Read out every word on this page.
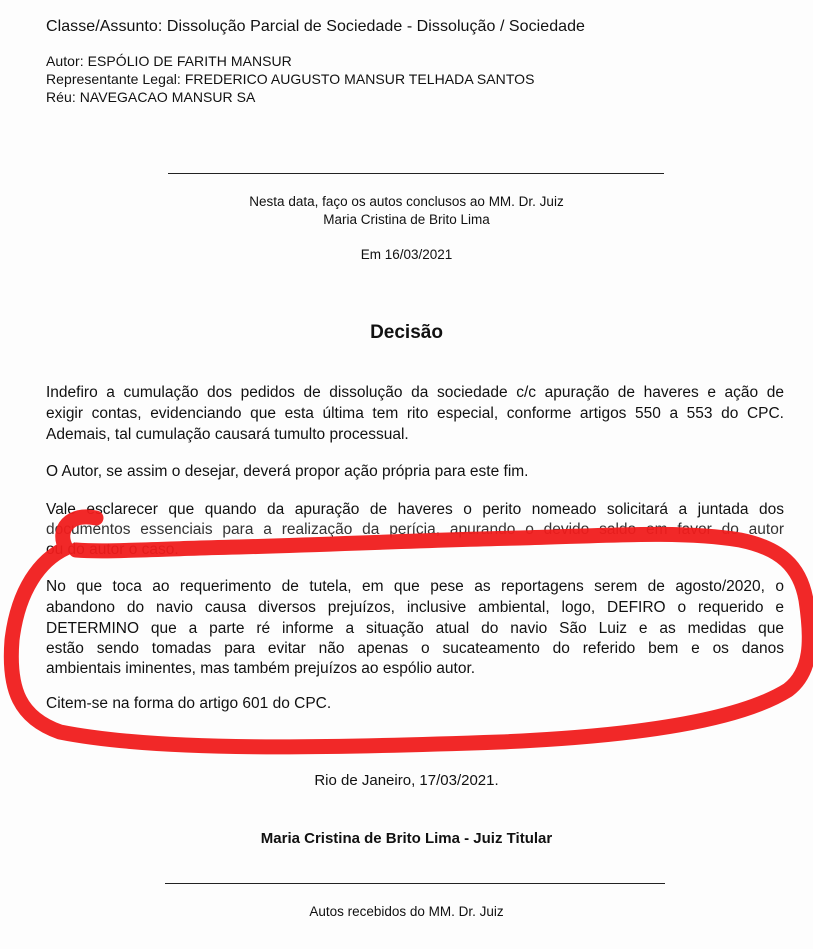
Classe/Assunto: Dissolução Parcial de Sociedade - Dissolução / Sociedade
Autor: ESPÓLIO DE FARITH MANSUR
Representante Legal: FREDERICO AUGUSTO MANSUR TELHADA SANTOS
Réu: NAVEGACAO MANSUR SA
Nesta data, faço os autos conclusos ao MM. Dr. Juiz
Maria Cristina de Brito Lima
Em 16/03/2021
Decisão
Indefiro a cumulação dos pedidos de dissolução da sociedade c/c apuração de haveres e ação de
exigir contas, evidenciando que esta última tem rito especial, conforme artigos 550 a 553 do CPC.
Ademais, tal cumulação causará tumulto processual.
O Autor, se assim o desejar, deverá propor ação própria para este fim.
Vale esclarecer que quando da apuração de haveres o perito nomeado solicitará a juntada dos
documentos essenciais para a realização da perícia, apurando o devido saldo em favor do autor
ou do autor o caso.
No que toca ao requerimento de tutela, em que pese as reportagens serem de agosto/2020, o
abandono do navio causa diversos prejuízos, inclusive ambiental, logo, DEFIRO o requerido e
DETERMINO que a parte ré informe a situação atual do navio São Luiz e as medidas que
estão sendo tomadas para evitar não apenas o sucateamento do referido bem e os danos
ambientais iminentes, mas também prejuízos ao espólio autor.
Citem-se na forma do artigo 601 do CPC.
Rio de Janeiro, 17/03/2021.
Maria Cristina de Brito Lima - Juiz Titular
Autos recebidos do MM. Dr. Juiz
